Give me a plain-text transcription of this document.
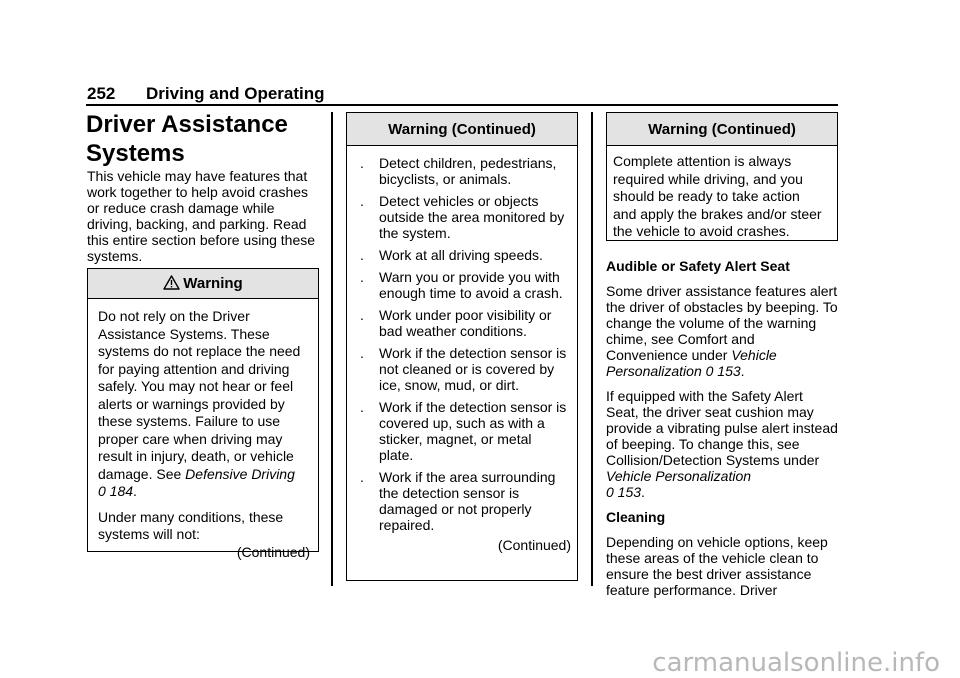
252 Driving and Operating
Driver Assistance Systems
This vehicle may have features that work together to help avoid crashes or reduce crash damage while driving, backing, and parking. Read this entire section before using these systems.
Warning

Do not rely on the Driver Assistance Systems. These systems do not replace the need for paying attention and driving safely. You may not hear or feel alerts or warnings provided by these systems. Failure to use proper care when driving may result in injury, death, or vehicle damage. See Defensive Driving
0 184.

Under many conditions, these systems will not:

(Continued)
Warning (Continued)
. Detect children, pedestrians, bicyclists, or animals.
. Detect vehicles or objects outside the area monitored by the system.
. Work at all driving speeds.
. Warn you or provide you with enough time to avoid a crash.
. Work under poor visibility or bad weather conditions.
. Work if the detection sensor is not cleaned or is covered by ice, snow, mud, or dirt.
. Work if the detection sensor is covered up, such as with a sticker, magnet, or metal plate.
. Work if the area surrounding the detection sensor is damaged or not properly repaired.
(Continued)
Warning (Continued)
Complete attention is always required while driving, and you should be ready to take action and apply the brakes and/or steer the vehicle to avoid crashes.
Audible or Safety Alert Seat

Some driver assistance features alert the driver of obstacles by beeping. To change the volume of the warning chime, see Comfort and Convenience under Vehicle Personalization 0 153.

If equipped with the Safety Alert Seat, the driver seat cushion may provide a vibrating pulse alert instead of beeping. To change this, see Collision/Detection Systems under Vehicle Personalization
0 153.

Cleaning

Depending on vehicle options, keep these areas of the vehicle clean to ensure the best driver assistance feature performance. Driver

carmanualsonline.info
